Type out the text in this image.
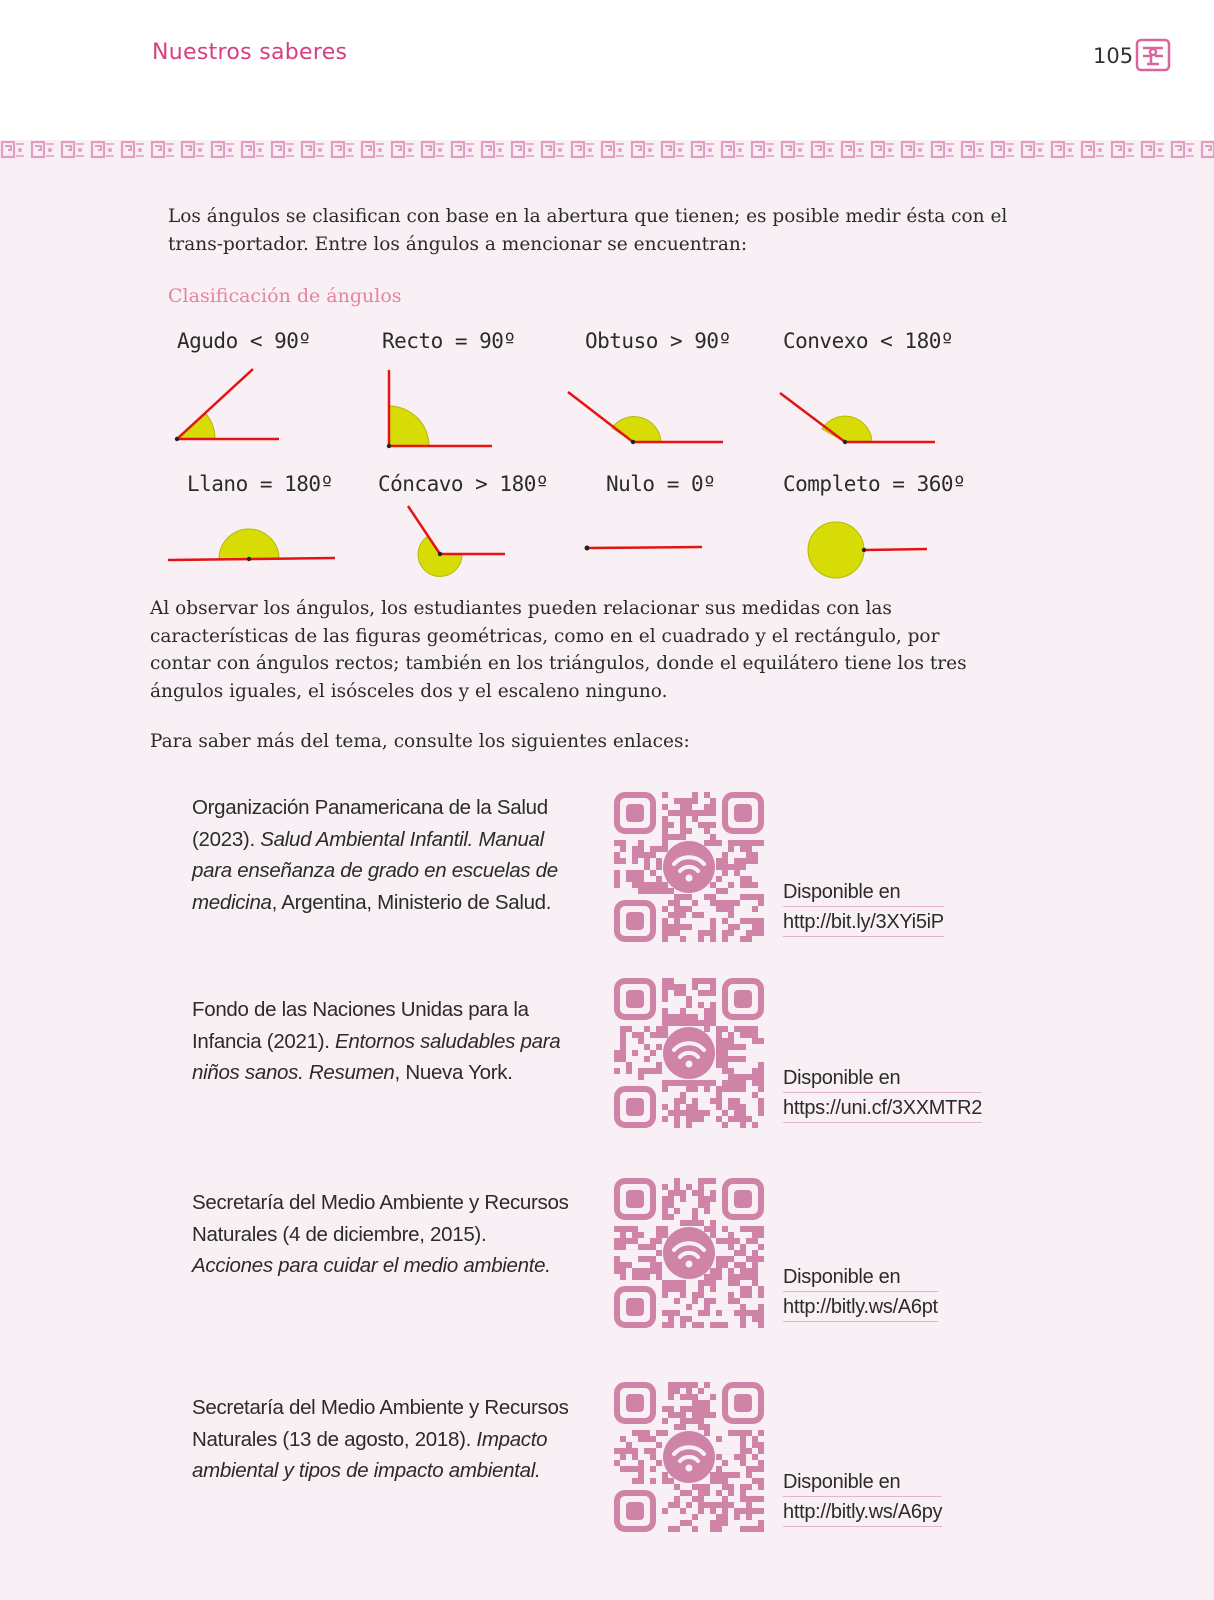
Nuestros saberes	105
Los ángulos se clasifican con base en la abertura que tienen; es posible medir ésta con el trans-portador. Entre los ángulos a mencionar se encuentran:
Clasificación de ángulos
Agudo < 90º	Recto = 90º	Obtuso > 90º Convexo < 180º
Llano = 180º Cóncavo > 180º	Nulo = 0º	Completo = 360º
Al observar los ángulos, los estudiantes pueden relacionar sus medidas con las características de las figuras geométricas, como en el cuadrado y el rectángulo, por contar con ángulos rectos; también en los triángulos, donde el equilátero tiene los tres ángulos iguales, el isósceles dos y el escaleno ninguno.
Para saber más del tema, consulte los siguientes enlaces:
Organización Panamericana de la Salud (2023). Salud Ambiental Infantil. Manual para enseñanza de grado en escuelas de medicina, Argentina, Ministerio de Salud.	Disponible en
http://bit.ly/3XYi5iP
Fondo de las Naciones Unidas para la Infancia (2021). Entornos saludables para niños sanos. Resumen, Nueva York.	Disponible en
https://uni.cf/3XXMTR2
Secretaría del Medio Ambiente y Recursos Naturales (4 de diciembre, 2015). Acciones para cuidar el medio ambiente.	Disponible en
http://bitly.ws/A6pt
Secretaría del Medio Ambiente y Recursos Naturales (13 de agosto, 2018). Impacto ambiental y tipos de impacto ambiental.	Disponible en
http://bitly.ws/A6py
